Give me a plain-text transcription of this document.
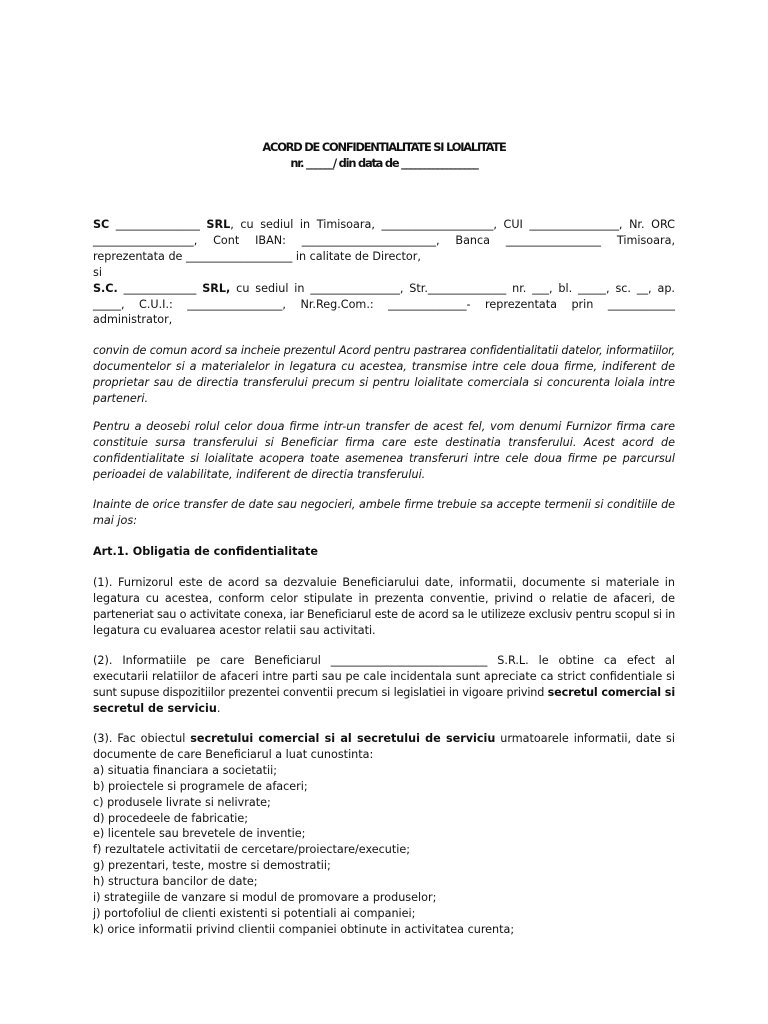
ACORD DE CONFIDENTIALITATE SI LOIALITATE
nr. ______/ din data de _________________
SC _______________ SRL, cu sediul in Timisoara, ____________________, CUI ________________, Nr. ORC
__________________, Cont IBAN: ________________________, Banca _________________ Timisoara,
reprezentata de ___________________ in calitate de Director,
si
S.C. _____________ SRL, cu sediul in ________________, Str.______________ nr. ___, bl. _____, sc. __, ap.
_____, C.U.I.: _________________, Nr.Reg.Com.: ______________- reprezentata prin ____________
administrator,
convin de comun acord sa incheie prezentul Acord pentru pastrarea confidentialitatii datelor, informatiilor,
documentelor si a materialelor in legatura cu acestea, transmise intre cele doua firme, indiferent de
proprietar sau de directia transferului precum si pentru loialitate comerciala si concurenta loiala intre
parteneri.
Pentru a deosebi rolul celor doua firme intr-un transfer de acest fel, vom denumi Furnizor firma care
constituie sursa transferului si Beneficiar firma care este destinatia transferului. Acest acord de
confidentialitate si loialitate acopera toate asemenea transferuri intre cele doua firme pe parcursul
perioadei de valabilitate, indiferent de directia transferului.
Inainte de orice transfer de date sau negocieri, ambele firme trebuie sa accepte termenii si conditiile de
mai jos:
Art.1. Obligatia de confidentialitate
(1). Furnizorul este de acord sa dezvaluie Beneficiarului date, informatii, documente si materiale in
legatura cu acestea, conform celor stipulate in prezenta conventie, privind o relatie de afaceri, de
parteneriat sau o activitate conexa, iar Beneficiarul este de acord sa le utilizeze exclusiv pentru scopul si in
legatura cu evaluarea acestor relatii sau activitati.
(2). Informatiile pe care Beneficiarul ____________________________ S.R.L. le obtine ca efect al
executarii relatiilor de afaceri intre parti sau pe cale incidentala sunt apreciate ca strict confidentiale si
sunt supuse dispozitiilor prezentei conventii precum si legislatiei in vigoare privind secretul comercial si
secretul de serviciu.
(3). Fac obiectul secretului comercial si al secretului de serviciu urmatoarele informatii, date si
documente de care Beneficiarul a luat cunostinta:
a) situatia financiara a societatii;
b) proiectele si programele de afaceri;
c) produsele livrate si nelivrate;
d) procedeele de fabricatie;
e) licentele sau brevetele de inventie;
f) rezultatele activitatii de cercetare/proiectare/executie;
g) prezentari, teste, mostre si demostratii;
h) structura bancilor de date;
i) strategiile de vanzare si modul de promovare a produselor;
j) portofoliul de clienti existenti si potentiali ai companiei;
k) orice informatii privind clientii companiei obtinute in activitatea curenta;
